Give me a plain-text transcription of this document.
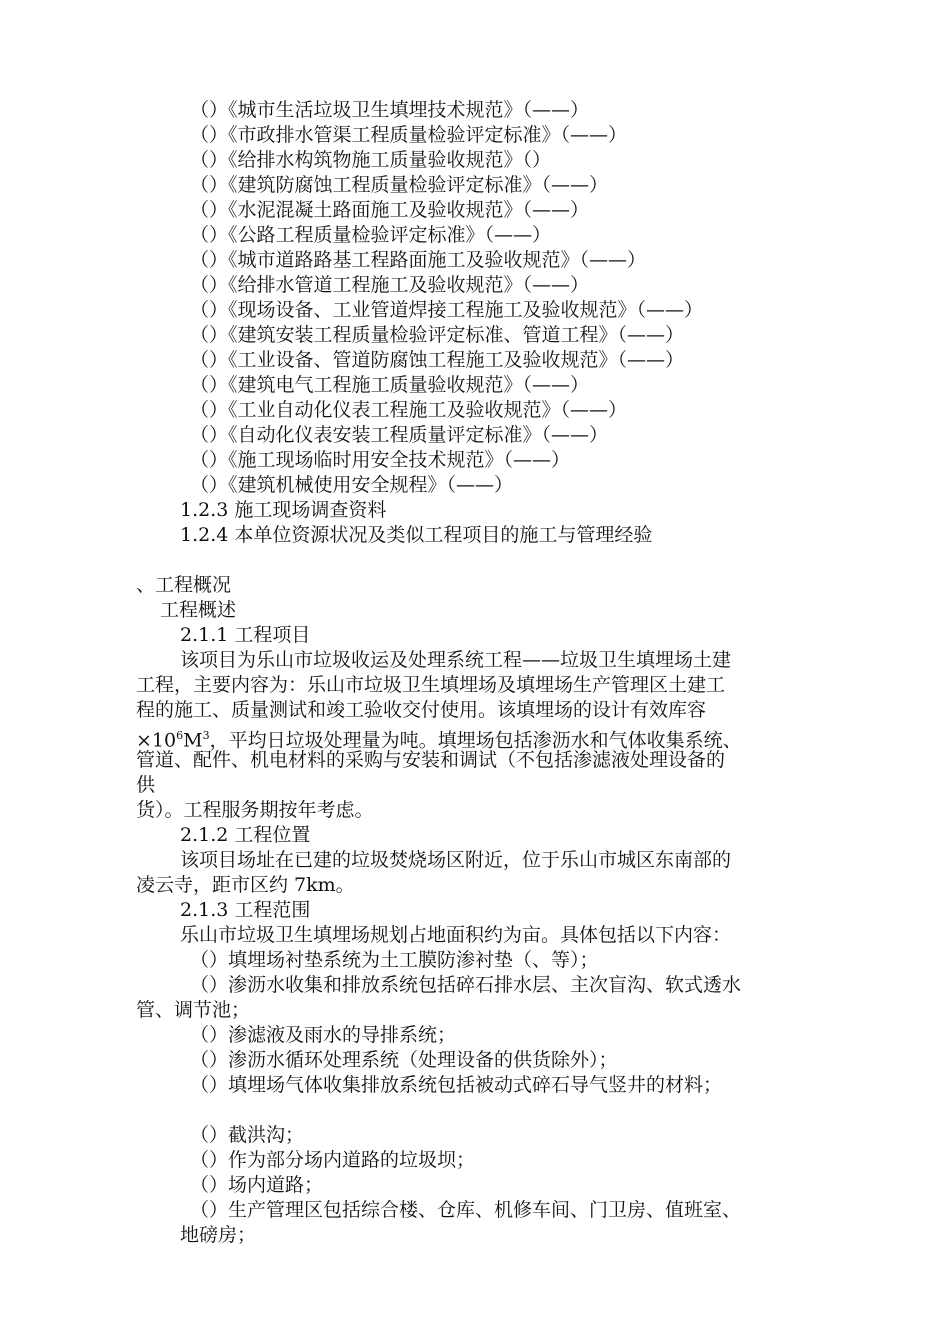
（）《城市生活垃圾卫生填埋技术规范》（——）
（）《市政排水管渠工程质量检验评定标准》（——）
（）《给排水构筑物施工质量验收规范》（）
（）《建筑防腐蚀工程质量检验评定标准》（——）
（）《水泥混凝土路面施工及验收规范》（——）
（）《公路工程质量检验评定标准》（——）
（）《城市道路路基工程路面施工及验收规范》（——）
（）《给排水管道工程施工及验收规范》（——）
（）《现场设备、工业管道焊接工程施工及验收规范》（——）
（）《建筑安装工程质量检验评定标准、管道工程》（——）
（）《工业设备、管道防腐蚀工程施工及验收规范》（——）
（）《建筑电气工程施工质量验收规范》（——）
（）《工业自动化仪表工程施工及验收规范》（——）
（）《自动化仪表安装工程质量评定标准》（——）
（）《施工现场临时用安全技术规范》（——）
（）《建筑机械使用安全规程》（——）
1.2.3 施工现场调查资料
1.2.4 本单位资源状况及类似工程项目的施工与管理经验
、工程概况
工程概述
2.1.1 工程项目
该项目为乐山市垃圾收运及处理系统工程——垃圾卫生填埋场土建
工程，主要内容为：乐山市垃圾卫生填埋场及填埋场生产管理区土建工
程的施工、质量测试和竣工验收交付使用。该填埋场的设计有效库容
$\times 10^6M^3$，平均日垃圾处理量为吨。填埋场包括渗沥水和气体收集系统、
管道、配件、机电材料的采购与安装和调试（不包括渗滤液处理设备的
供
货）。工程服务期按年考虑。
2.1.2 工程位置
该项目场址在已建的垃圾焚烧场区附近，位于乐山市城区东南部的
凌云寺，距市区约 7km。
2.1.3 工程范围
乐山市垃圾卫生填埋场规划占地面积约为亩。具体包括以下内容：
（）填埋场衬垫系统为土工膜防渗衬垫（、等）；
（）渗沥水收集和排放系统包括碎石排水层、主次盲沟、软式透水
管、调节池；
（）渗滤液及雨水的导排系统；
（）渗沥水循环处理系统（处理设备的供货除外）；
（）填埋场气体收集排放系统包括被动式碎石导气竖井的材料；
（）截洪沟；
（）作为部分场内道路的垃圾坝；
（）场内道路；
（）生产管理区包括综合楼、仓库、机修车间、门卫房、值班室、
地磅房；
